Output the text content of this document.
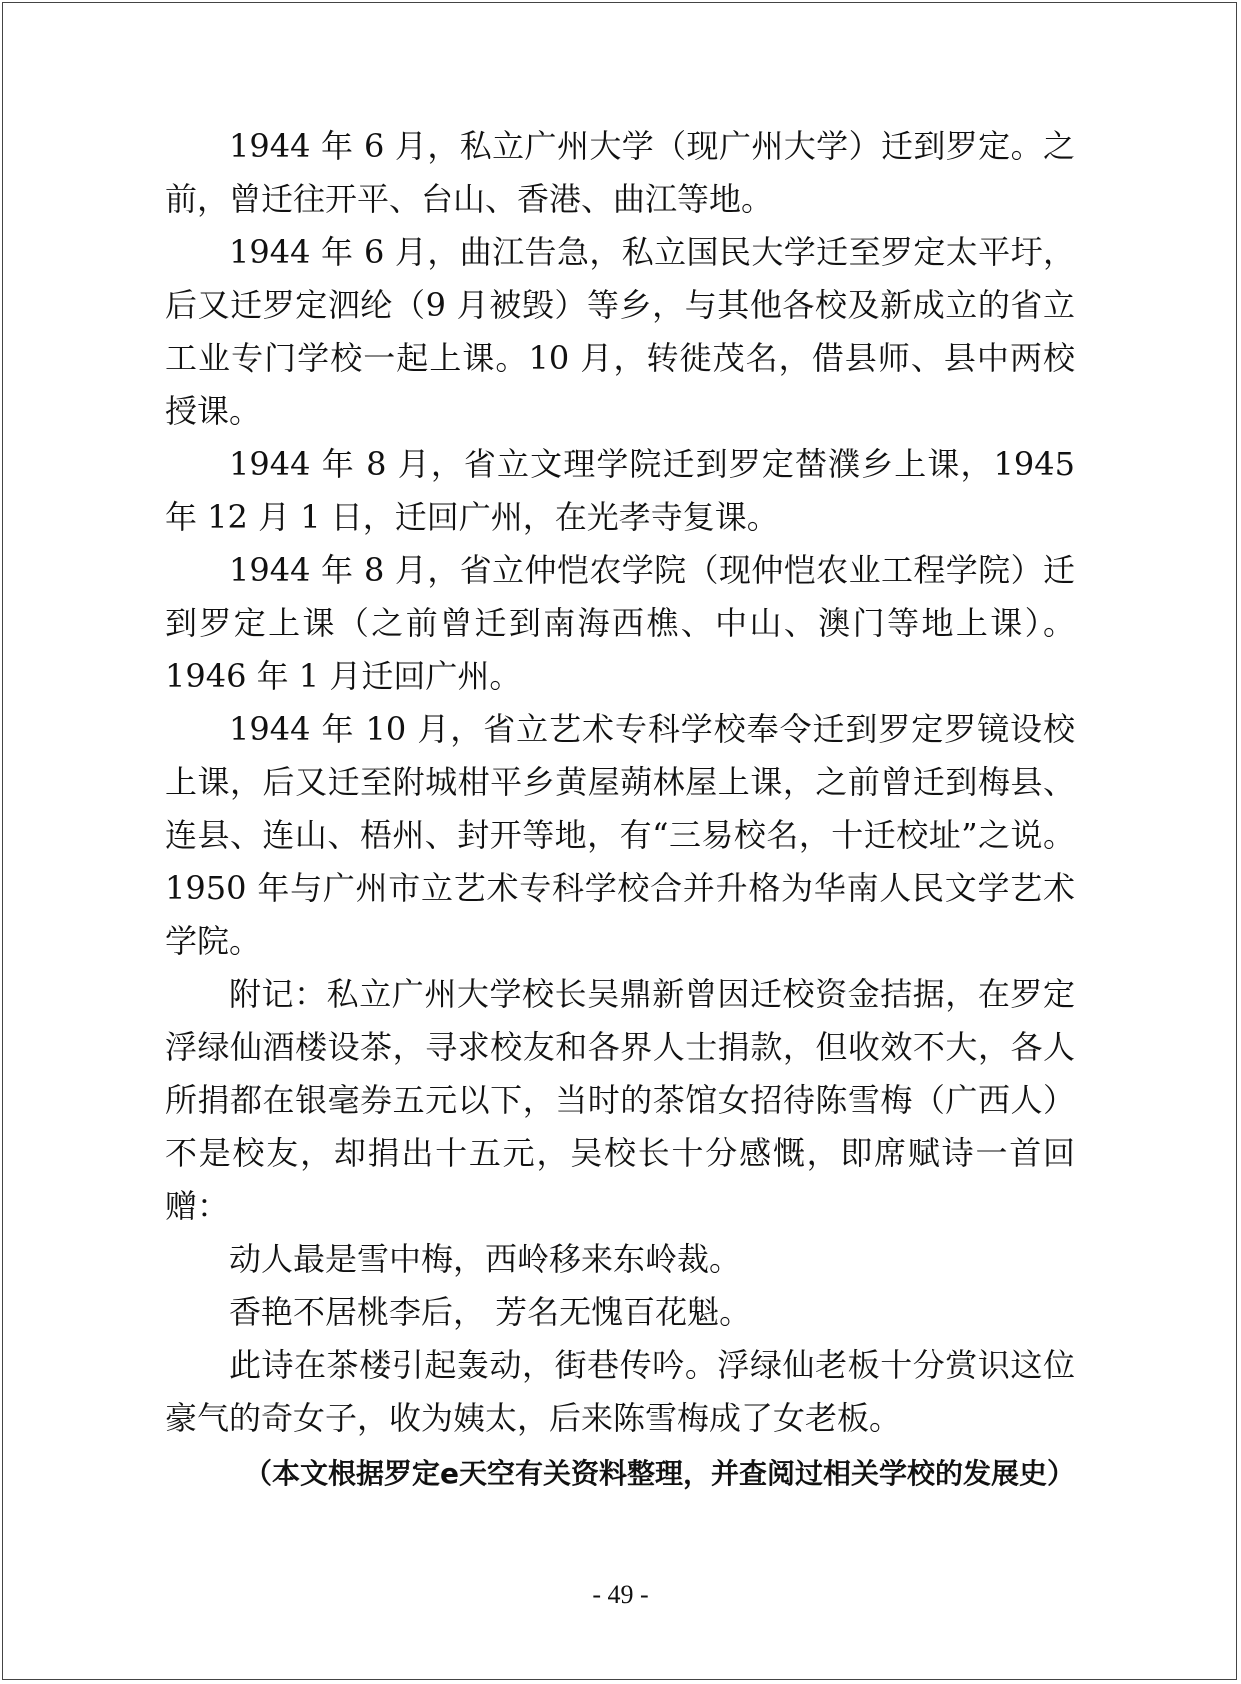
1944 年 6 月，私立广州大学（现广州大学）迁到罗定。之前，曾迁往开平、台山、香港、曲江等地。

1944 年 6 月，曲江告急，私立国民大学迁至罗定太平圩，后又迁罗定泗纶（9 月被毁）等乡，与其他各校及新成立的省立工业专门学校一起上课。10 月，转徙茂名，借县师、县中两校授课。

1944 年 8 月，省立文理学院迁到罗定榃濮乡上课，1945 年 12 月 1 日，迁回广州，在光孝寺复课。

1944 年 8 月，省立仲恺农学院（现仲恺农业工程学院）迁到罗定上课（之前曾迁到南海西樵、中山、澳门等地上课）。1946 年 1 月迁回广州。

1944 年 10 月，省立艺术专科学校奉令迁到罗定罗镜设校上课，后又迁至附城柑平乡黄屋蒴林屋上课，之前曾迁到梅县、连县、连山、梧州、封开等地，有“三易校名，十迁校址”之说。1950 年与广州市立艺术专科学校合并升格为华南人民文学艺术学院。

附记：私立广州大学校长吴鼎新曾因迁校资金拮据，在罗定浮绿仙酒楼设茶，寻求校友和各界人士捐款，但收效不大，各人所捐都在银毫券五元以下，当时的茶馆女招待陈雪梅（广西人）不是校友，却捐出十五元，吴校长十分感慨，即席赋诗一首回赠：

动人最是雪中梅，西岭移来东岭裁。

香艳不居桃李后， 芳名无愧百花魁。

此诗在茶楼引起轰动，街巷传吟。浮绿仙老板十分赏识这位豪气的奇女子，收为姨太，后来陈雪梅成了女老板。

（本文根据罗定e天空有关资料整理，并查阅过相关学校的发展史）

- 49 -
